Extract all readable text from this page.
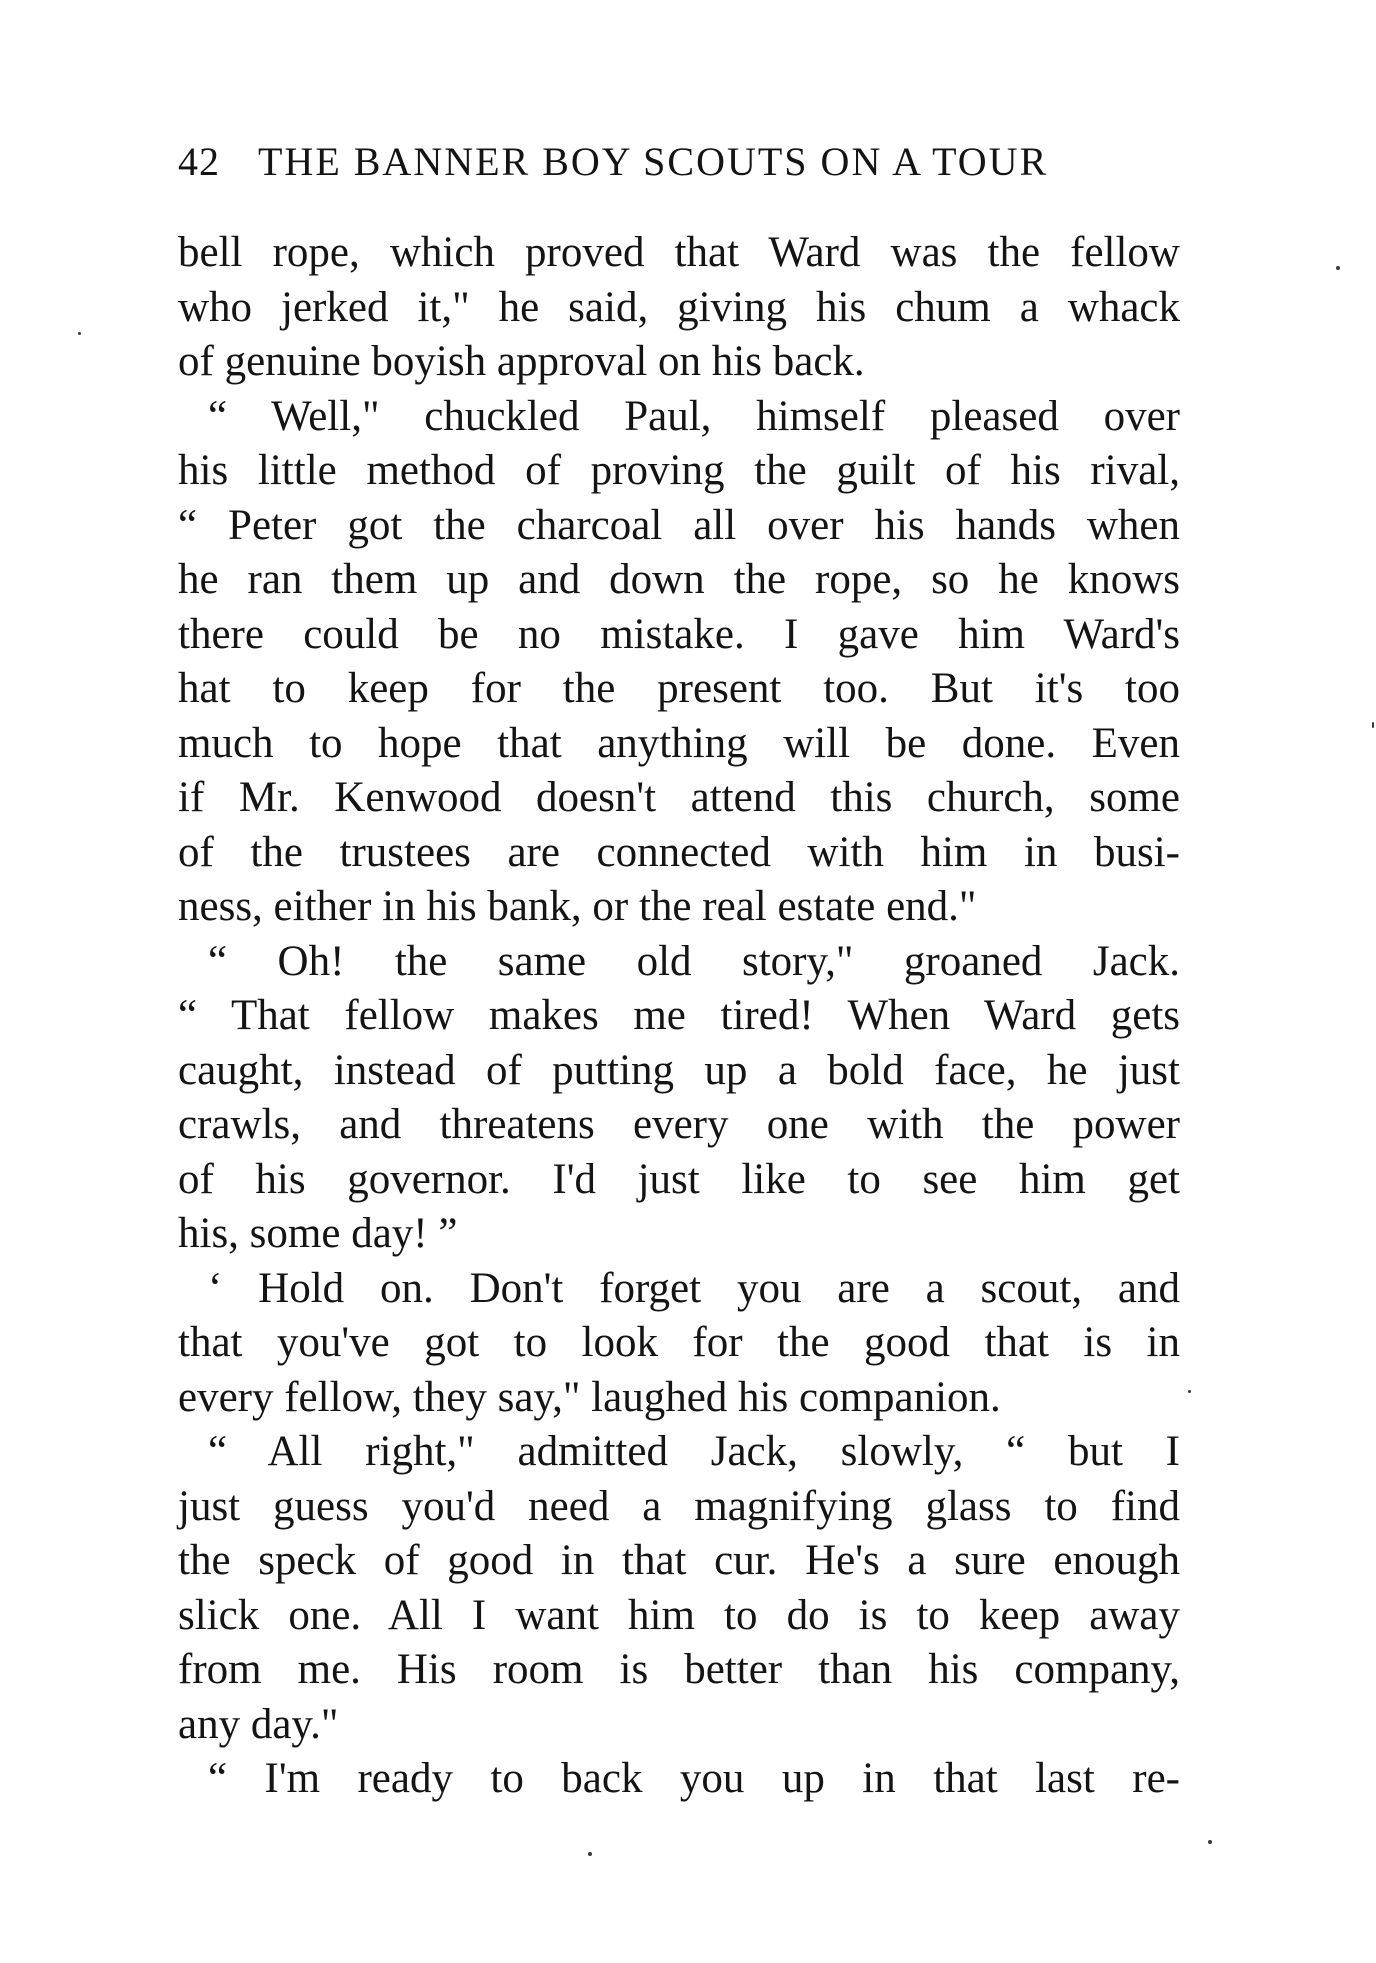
42 THE BANNER BOY SCOUTS ON A TOUR
bell rope, which proved that Ward was the fellow
who jerked it," he said, giving his chum a whack
of genuine boyish approval on his back.
“ Well," chuckled Paul, himself pleased over
his little method of proving the guilt of his rival,
“ Peter got the charcoal all over his hands when
he ran them up and down the rope, so he knows
there could be no mistake. I gave him Ward's
hat to keep for the present too. But it's too
much to hope that anything will be done. Even
if Mr. Kenwood doesn't attend this church, some
of the trustees are connected with him in busi-
ness, either in his bank, or the real estate end."
“ Oh! the same old story," groaned Jack.
“ That fellow makes me tired! When Ward gets
caught, instead of putting up a bold face, he just
crawls, and threatens every one with the power
of his governor. I'd just like to see him get
his, some day! ”
‘ Hold on. Don't forget you are a scout, and
that you've got to look for the good that is in
every fellow, they say," laughed his companion.
“ All right," admitted Jack, slowly, “ but I
just guess you'd need a magnifying glass to find
the speck of good in that cur. He's a sure enough
slick one. All I want him to do is to keep away
from me. His room is better than his company,
any day."
“ I'm ready to back you up in that last re-
